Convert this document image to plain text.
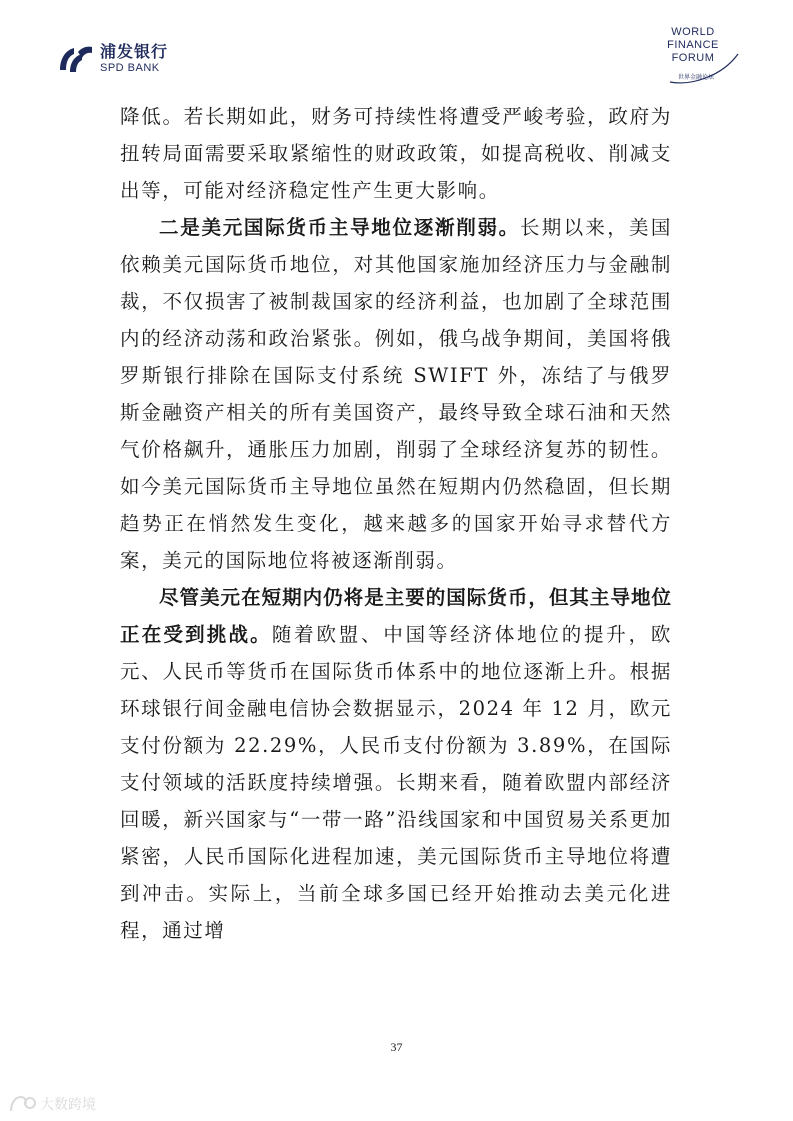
浦发银行
SPD BANK
WORLD
FINANCE
FORUM
世界金融论坛

降低。若长期如此，财务可持续性将遭受严峻考验，政府为扭转局面需要采取紧缩性的财政政策，如提高税收、削减支出等，可能对经济稳定性产生更大影响。

二是美元国际货币主导地位逐渐削弱。长期以来，美国依赖美元国际货币地位，对其他国家施加经济压力与金融制裁，不仅损害了被制裁国家的经济利益，也加剧了全球范围内的经济动荡和政治紧张。例如，俄乌战争期间，美国将俄罗斯银行排除在国际支付系统 SWIFT 外，冻结了与俄罗斯金融资产相关的所有美国资产，最终导致全球石油和天然气价格飙升，通胀压力加剧，削弱了全球经济复苏的韧性。如今美元国际货币主导地位虽然在短期内仍然稳固，但长期趋势正在悄然发生变化，越来越多的国家开始寻求替代方案，美元的国际地位将被逐渐削弱。

尽管美元在短期内仍将是主要的国际货币，但其主导地位正在受到挑战。随着欧盟、中国等经济体地位的提升，欧元、人民币等货币在国际货币体系中的地位逐渐上升。根据环球银行间金融电信协会数据显示，2024 年 12 月，欧元支付份额为 22.29%，人民币支付份额为 3.89%，在国际支付领域的活跃度持续增强。长期来看，随着欧盟内部经济回暖，新兴国家与“一带一路”沿线国家和中国贸易关系更加紧密，人民币国际化进程加速，美元国际货币主导地位将遭到冲击。实际上，当前全球多国已经开始推动去美元化进程，通过增

37
大数跨境
